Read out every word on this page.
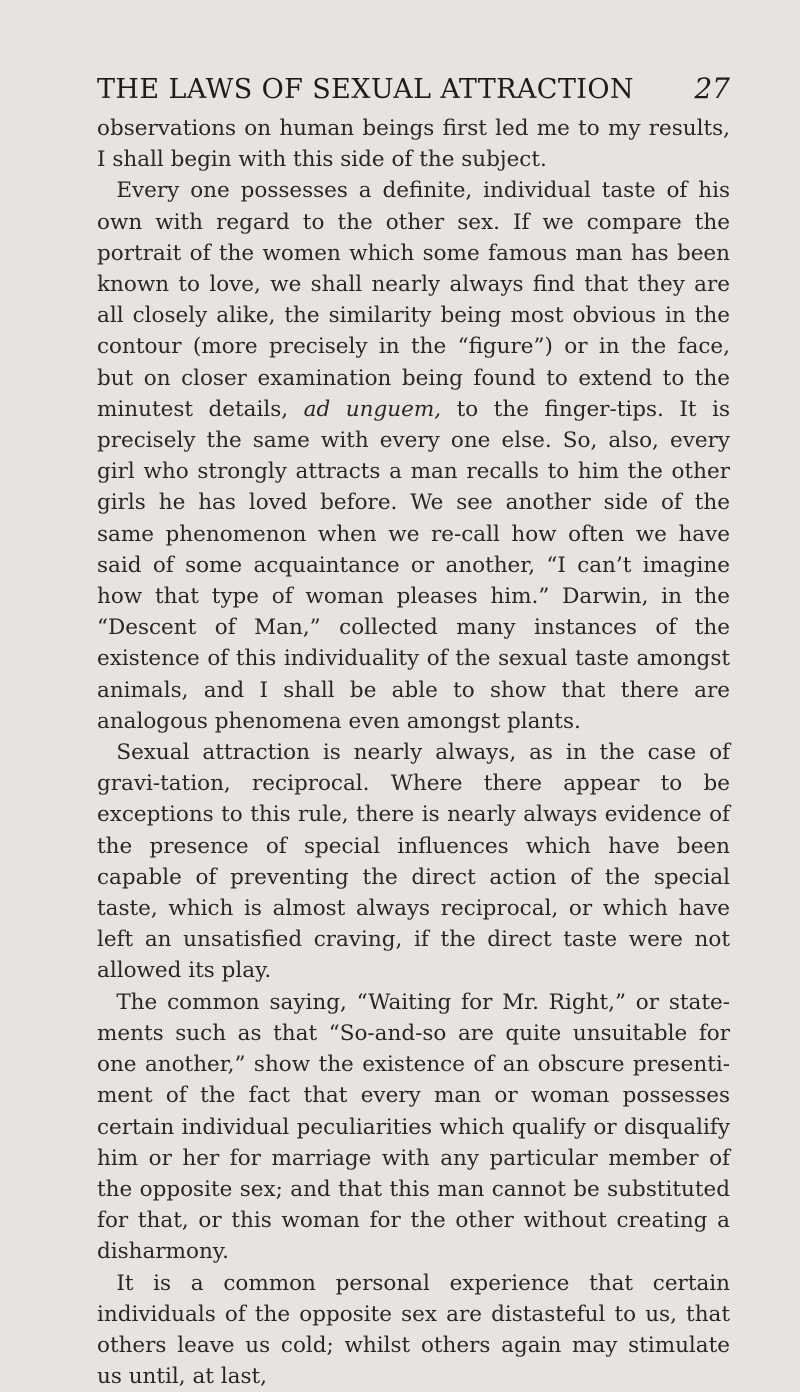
THE LAWS OF SEXUAL ATTRACTION 27

observations on human beings first led me to my results, I shall begin with this side of the subject.

Every one possesses a definite, individual taste of his own with regard to the other sex. If we compare the portrait of the women which some famous man has been known to love, we shall nearly always find that they are all closely alike, the similarity being most obvious in the contour (more precisely in the “figure”) or in the face, but on closer examination being found to extend to the minutest details, ad unguem, to the finger-tips. It is precisely the same with every one else. So, also, every girl who strongly attracts a man recalls to him the other girls he has loved before. We see another side of the same phenomenon when we re-call how often we have said of some acquaintance or another, “I can’t imagine how that type of woman pleases him.” Darwin, in the “Descent of Man,” collected many instances of the existence of this individuality of the sexual taste amongst animals, and I shall be able to show that there are analogous phenomena even amongst plants.

Sexual attraction is nearly always, as in the case of gravi-tation, reciprocal. Where there appear to be exceptions to this rule, there is nearly always evidence of the presence of special influences which have been capable of preventing the direct action of the special taste, which is almost always reciprocal, or which have left an unsatisfied craving, if the direct taste were not allowed its play.

The common saying, “Waiting for Mr. Right,” or state-ments such as that “So-and-so are quite unsuitable for one another,” show the existence of an obscure presenti-ment of the fact that every man or woman possesses certain individual peculiarities which qualify or disqualify him or her for marriage with any particular member of the opposite sex; and that this man cannot be substituted for that, or this woman for the other without creating a disharmony.

It is a common personal experience that certain individuals of the opposite sex are distasteful to us, that others leave us cold; whilst others again may stimulate us until, at last,
